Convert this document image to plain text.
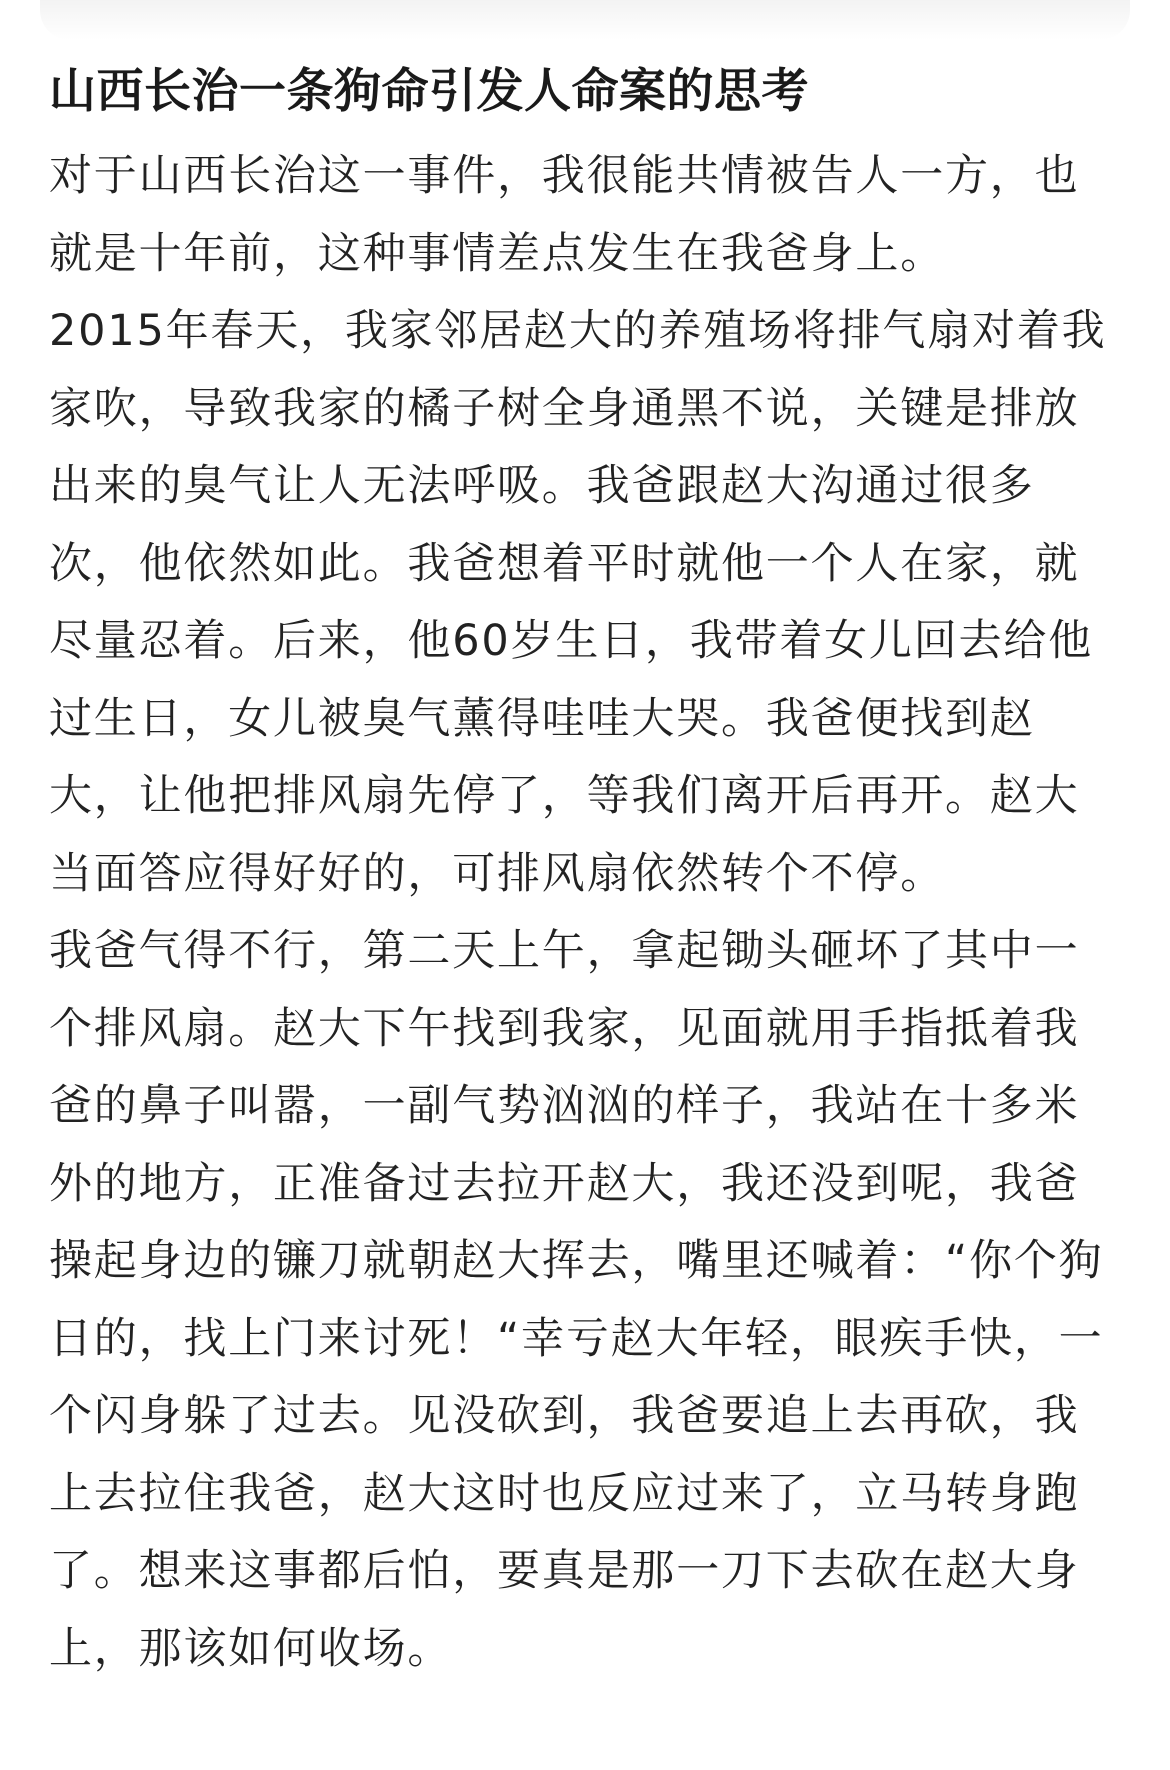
山西长治一条狗命引发人命案的思考

对于山西长治这一事件，我很能共情被告人一方，也就是十年前，这种事情差点发生在我爸身上。

2015年春天，我家邻居赵大的养殖场将排气扇对着我家吹，导致我家的橘子树全身通黑不说，关键是排放出来的臭气让人无法呼吸。我爸跟赵大沟通过很多次，他依然如此。我爸想着平时就他一个人在家，就尽量忍着。后来，他60岁生日，我带着女儿回去给他过生日，女儿被臭气薰得哇哇大哭。我爸便找到赵大，让他把排风扇先停了，等我们离开后再开。赵大当面答应得好好的，可排风扇依然转个不停。

我爸气得不行，第二天上午，拿起锄头砸坏了其中一个排风扇。赵大下午找到我家，见面就用手指抵着我爸的鼻子叫嚣，一副气势汹汹的样子，我站在十多米外的地方，正准备过去拉开赵大，我还没到呢，我爸操起身边的镰刀就朝赵大挥去，嘴里还喊着：“你个狗日的，找上门来讨死！“幸亏赵大年轻，眼疾手快，一个闪身躲了过去。见没砍到，我爸要追上去再砍，我上去拉住我爸，赵大这时也反应过来了，立马转身跑了。想来这事都后怕，要真是那一刀下去砍在赵大身上，那该如何收场。
